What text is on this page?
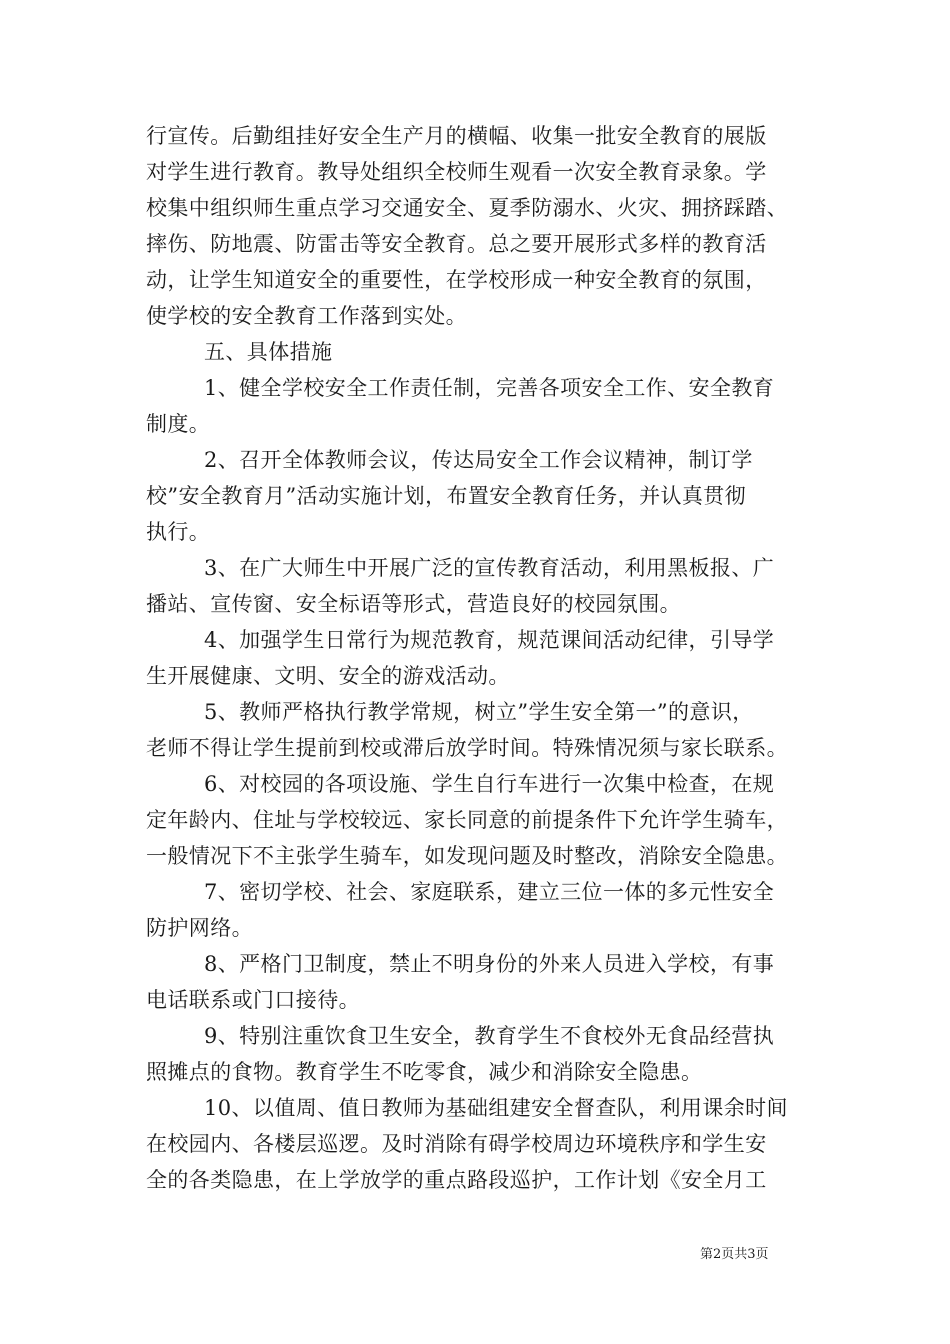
行宣传。后勤组挂好安全生产月的横幅、收集一批安全教育的展版
对学生进行教育。教导处组织全校师生观看一次安全教育录象。学
校集中组织师生重点学习交通安全、夏季防溺水、火灾、拥挤踩踏、
摔伤、防地震、防雷击等安全教育。总之要开展形式多样的教育活
动，让学生知道安全的重要性，在学校形成一种安全教育的氛围，
使学校的安全教育工作落到实处。
五、具体措施
1、健全学校安全工作责任制，完善各项安全工作、安全教育
制度。
2、召开全体教师会议，传达局安全工作会议精神，制订学
校”安全教育月”活动实施计划，布置安全教育任务，并认真贯彻
执行。
3、在广大师生中开展广泛的宣传教育活动，利用黑板报、广
播站、宣传窗、安全标语等形式，营造良好的校园氛围。
4、加强学生日常行为规范教育，规范课间活动纪律，引导学
生开展健康、文明、安全的游戏活动。
5、教师严格执行教学常规，树立”学生安全第一”的意识，
老师不得让学生提前到校或滞后放学时间。特殊情况须与家长联系。
6、对校园的各项设施、学生自行车进行一次集中检查，在规
定年龄内、住址与学校较远、家长同意的前提条件下允许学生骑车，
一般情况下不主张学生骑车，如发现问题及时整改，消除安全隐患。
7、密切学校、社会、家庭联系，建立三位一体的多元性安全
防护网络。
8、严格门卫制度，禁止不明身份的外来人员进入学校，有事
电话联系或门口接待。
9、特别注重饮食卫生安全，教育学生不食校外无食品经营执
照摊点的食物。教育学生不吃零食，减少和消除安全隐患。
10、以值周、值日教师为基础组建安全督查队，利用课余时间
在校园内、各楼层巡逻。及时消除有碍学校周边环境秩序和学生安
全的各类隐患，在上学放学的重点路段巡护，工作计划《安全月工
第2页共3页
